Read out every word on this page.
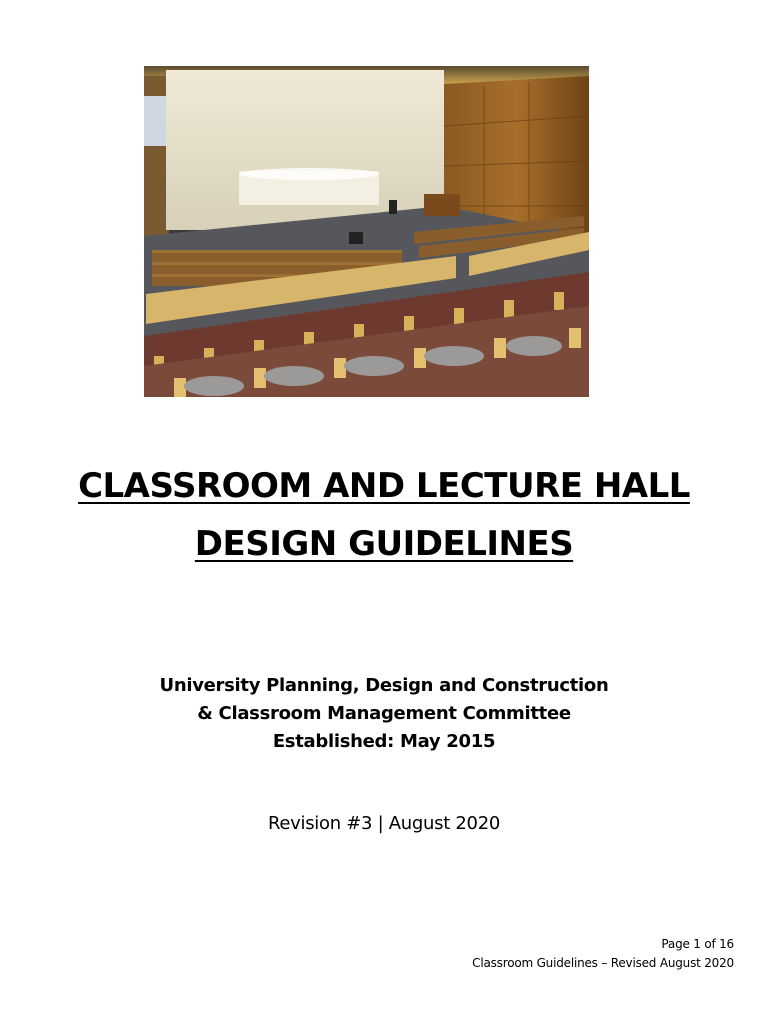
CLASSROOM AND LECTURE HALL
DESIGN GUIDELINES
University Planning, Design and Construction
& Classroom Management Committee
Established: May 2015
Revision #3 | August 2020
Page 1 of 16
Classroom Guidelines – Revised August 2020
